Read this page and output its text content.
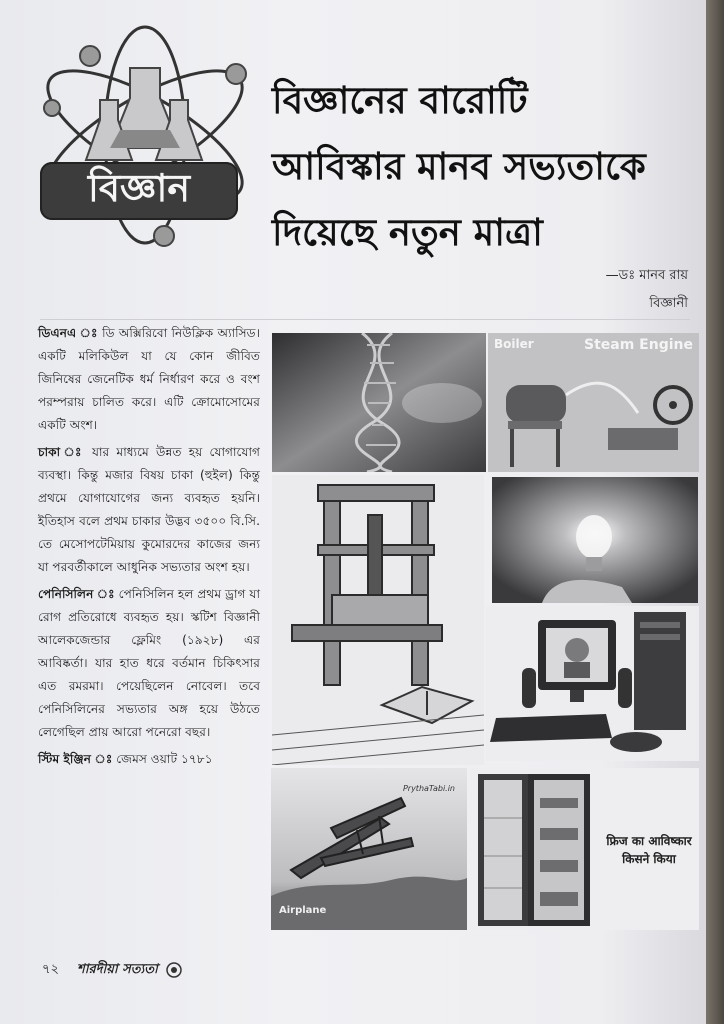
বিজ্ঞান
বিজ্ঞানের বারোটি
আবিস্কার মানব সভ্যতাকে
দিয়েছে নতুন মাত্রা
—ডঃ মানব রায়
বিজ্ঞানী

ডিএনএ ঃ ডি অক্সিরিবো নিউক্লিক অ্যাসিড। একটি মলিকিউল যা যে কোন জীবিত জিনিষের জেনেটিক ধর্ম নির্ধারণ করে ও বংশ পরম্পরায় চালিত করে। এটি ক্রোমোসোমের একটি অংশ।

চাকা ঃ যার মাধ্যমে উন্নত হয় যোগাযোগ ব্যবস্থা। কিন্তু মজার বিষয় চাকা (হুইল) কিন্তু প্রথমে যোগাযোগের জন্য ব্যবহৃত হয়নি। ইতিহাস বলে প্রথম চাকার উদ্ভব ৩৫০০ বি.সি. তে মেসোপটেমিয়ায় কুমোরদের কাজের জন্য যা পরবর্তীকালে আধুনিক সভ্যতার অংশ হয়।

পেনিসিলিন ঃ পেনিসিলিন হল প্রথম ড্রাগ যা রোগ প্রতিরোধে ব্যবহৃত হয়। স্কটিশ বিজ্ঞানী আলেকজেন্ডার ফ্লেমিং (১৯২৮) এর আবিষ্কর্তা। যার হাত ধরে বর্তমান চিকিৎসার এত রমরমা। পেয়েছিলেন নোবেল। তবে পেনিসিলিনের সভ্যতার অঙ্গ হয়ে উঠতে লেগেছিল প্রায় আরো পনেরো বছর।

স্টিম ইঞ্জিন ঃ জেমস ওয়াট ১৭৮১

Boiler	Steam Engine
PrythaTabi.in
Airplane
फ्रिज का आविष्कार
किसने किया
৭২ শারদীয়া সত্যতা
